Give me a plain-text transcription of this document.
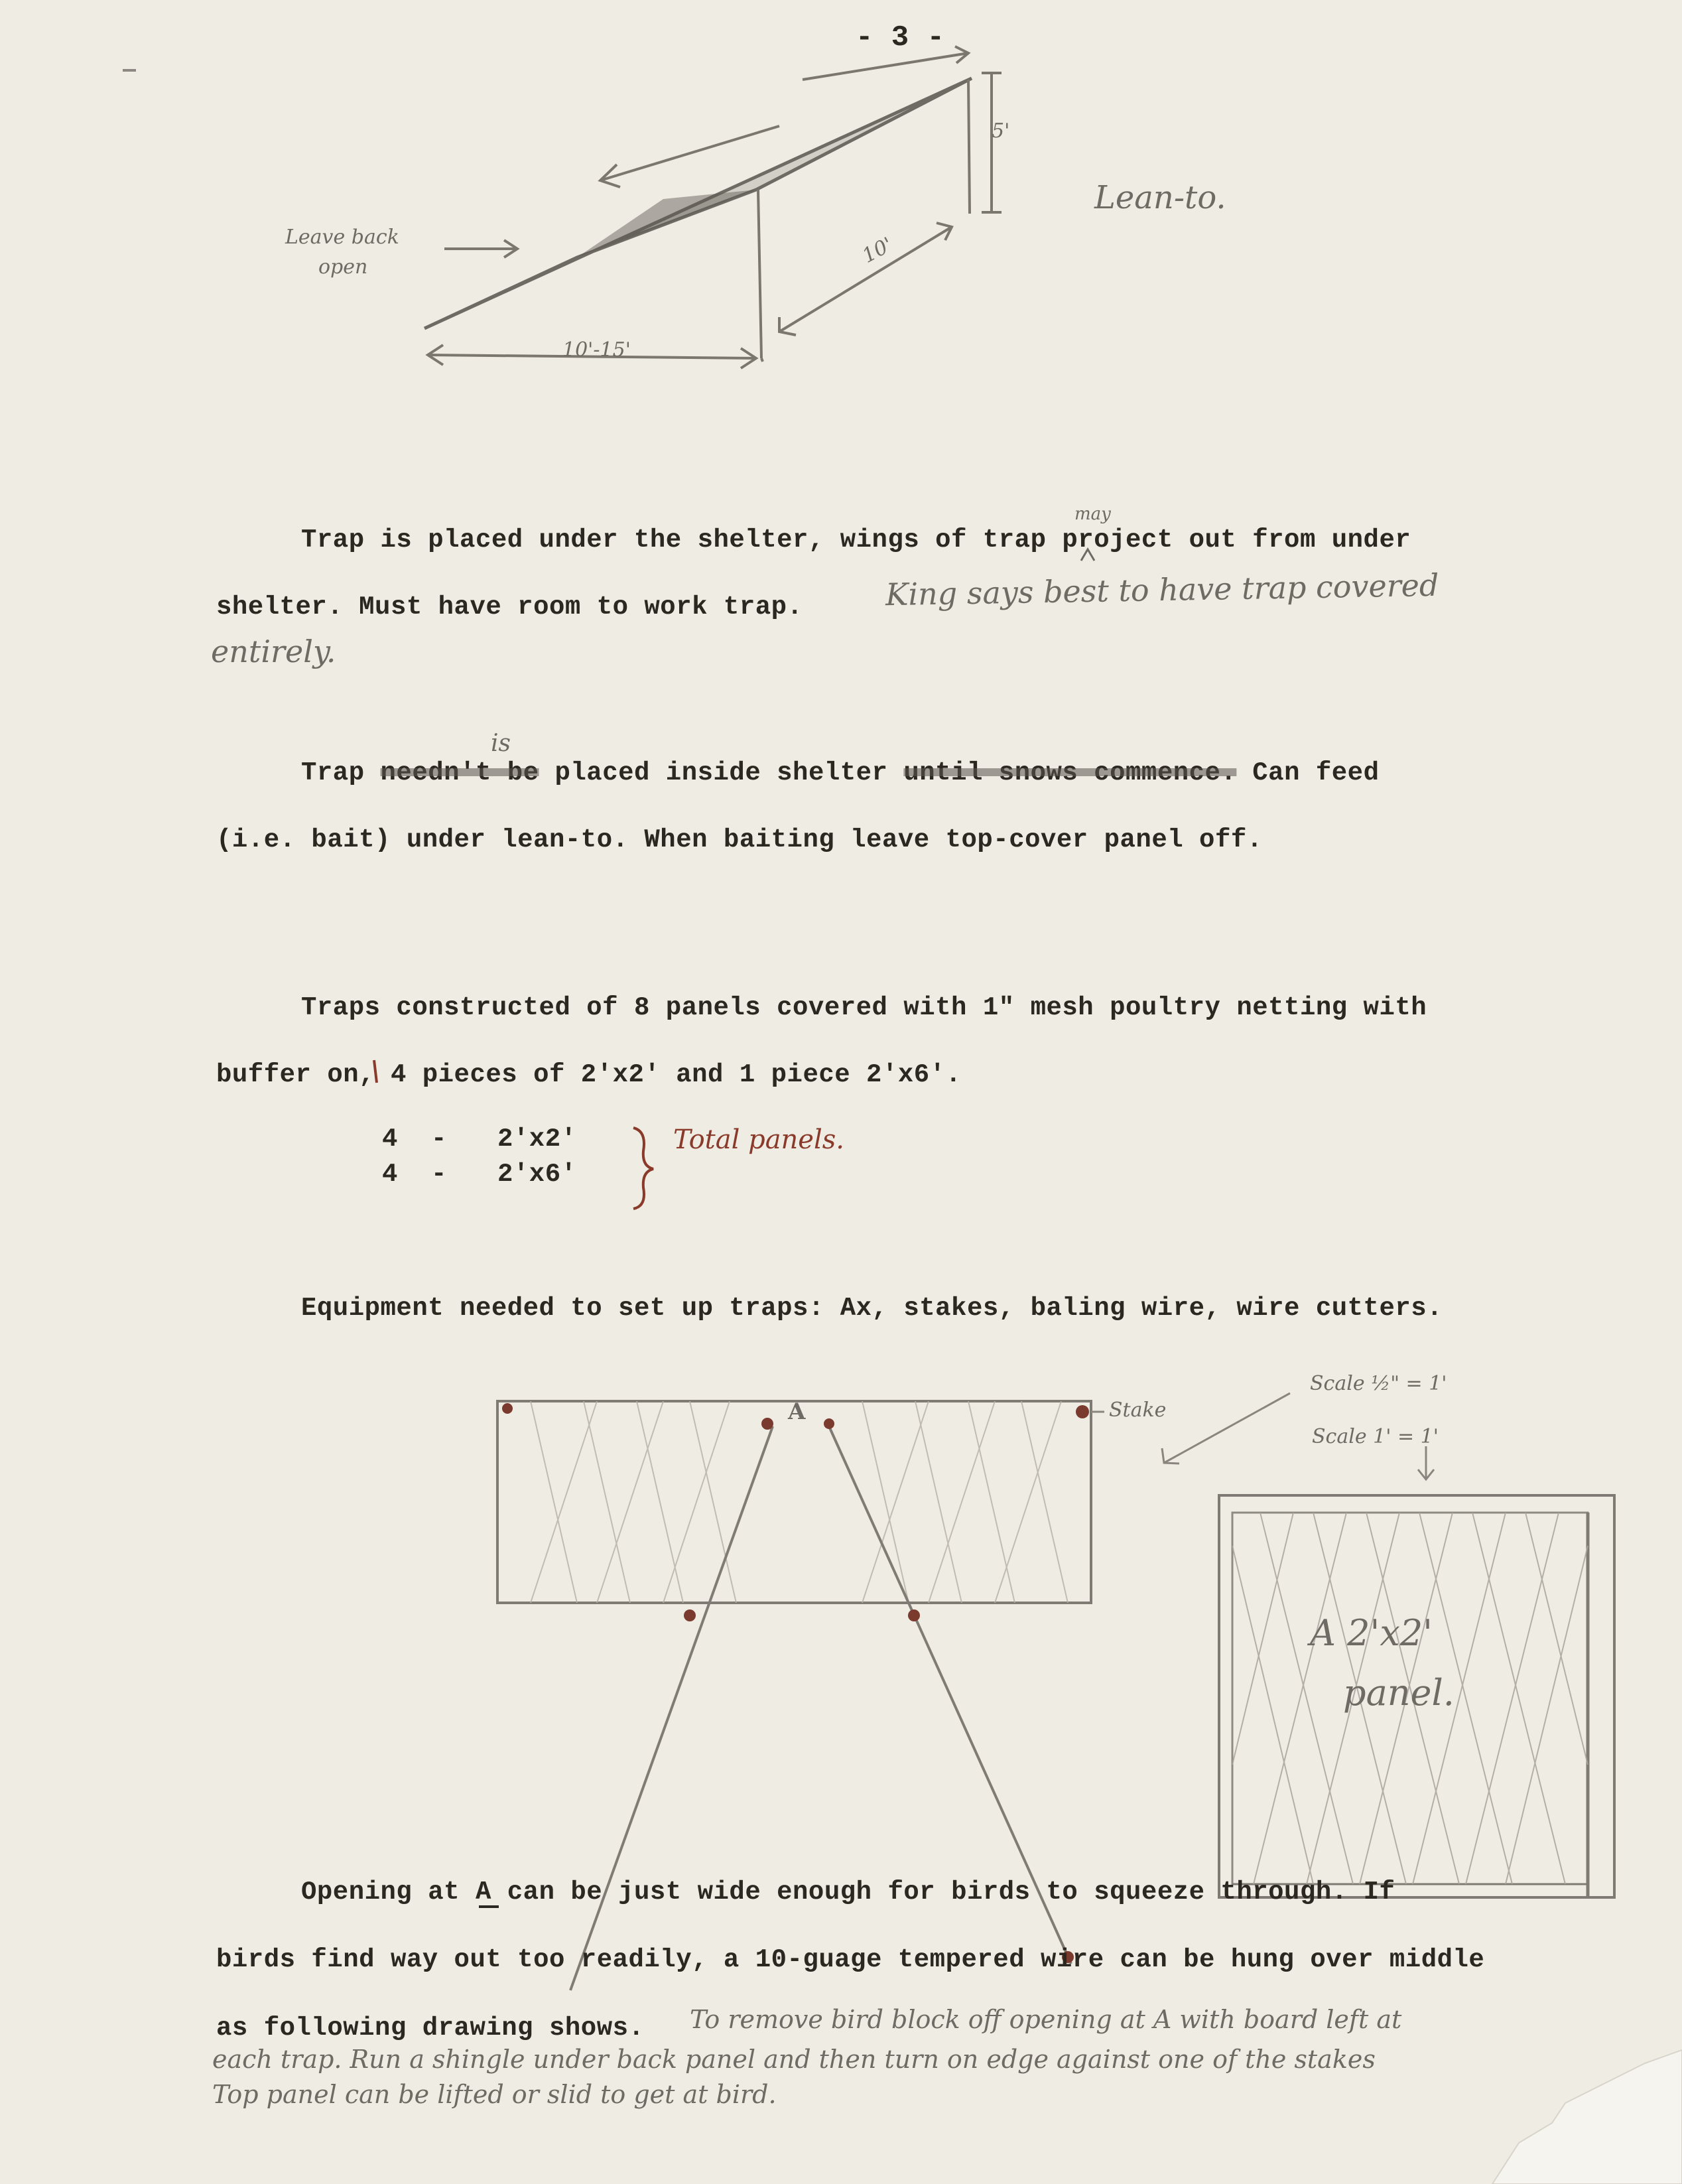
- 3 -
Lean-to.
Leave back
open
5'
10'
10'-15'
may
Trap is placed under the shelter, wings of trap project out from under
shelter. Must have room to work trap.	King says best to have trap covered
entirely.
is
Trap needn't be placed inside shelter until snows commence. Can feed
(i.e. bait) under lean-to. When baiting leave top-cover panel off.
Traps constructed of 8 panels covered with 1" mesh poultry netting with
buffer on, 4 pieces of 2'x2' and 1 piece 2'x6'.
4 - 2'x2'
4 - 2'x6'
Total panels.
Equipment needed to set up traps: Ax, stakes, baling wire, wire cutters.
A	Stake
Scale ½" = 1'
Scale 1' = 1'
A 2'x2'
panel.
Opening at A can be just wide enough for birds to squeeze through. If
birds find way out too readily, a 10-guage tempered wire can be hung over middle
as following drawing shows. To remove bird block off opening at A with board left at
each trap. Run a shingle under back panel and then turn on edge against one of the stakes
Top panel can be lifted or slid to get at bird.
